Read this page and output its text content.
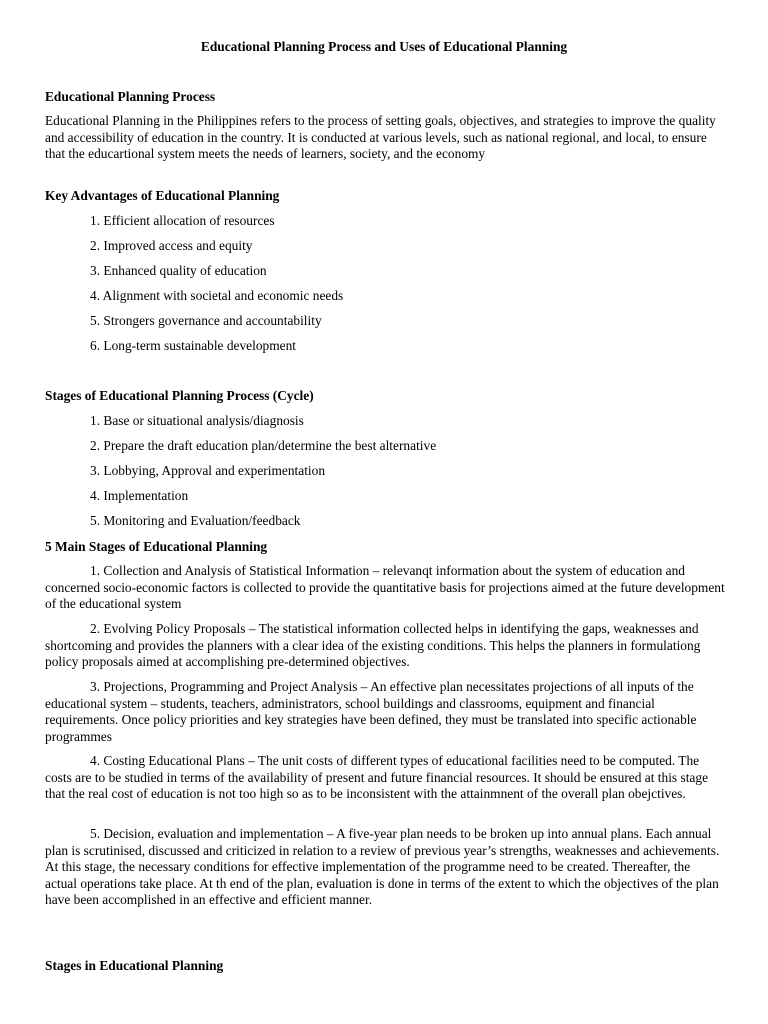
Educational Planning Process and Uses of Educational Planning

Educational Planning Process

Educational Planning in the Philippines refers to the process of setting goals, objectives, and strategies to improve the quality and accessibility of education in the country. It is conducted at various levels, such as national regional, and local, to ensure that the educartional system meets the needs of learners, society, and the economy

Key Advantages of Educational Planning

1. Efficient allocation of resources

2. Improved access and equity

3. Enhanced quality of education

4. Alignment with societal and economic needs

5. Strongers governance and accountability

6. Long-term sustainable development

Stages of Educational Planning Process (Cycle)

1. Base or situational analysis/diagnosis

2. Prepare the draft education plan/determine the best alternative

3. Lobbying, Approval and experimentation

4. Implementation

5. Monitoring and Evaluation/feedback

5 Main Stages of Educational Planning

1. Collection and Analysis of Statistical Information – relevanqt information about the system of education and concerned socio-economic factors is collected to provide the quantitative basis for projections aimed at the future development of the educational system

2. Evolving Policy Proposals – The statistical information collected helps in identifying the gaps, weaknesses and shortcoming and provides the planners with a clear idea of the existing conditions. This helps the planners in formulationg policy proposals aimed at accomplishing pre-determined objectives.

3. Projections, Programming and Project Analysis – An effective plan necessitates projections of all inputs of the educational system – students, teachers, administrators, school buildings and classrooms, equipment and financial requirements. Once policy priorities and key strategies have been defined, they must be translated into specific actionable programmes

4. Costing Educational Plans – The unit costs of different types of educational facilities need to be computed. The costs are to be studied in terms of the availability of present and future financial resources. It should be ensured at this stage that the real cost of education is not too high so as to be inconsistent with the attainmnent of the overall plan obejctives.

5. Decision, evaluation and implementation – A five-year plan needs to be broken up into annual plans. Each annual plan is scrutinised, discussed and criticized in relation to a review of previous year’s strengths, weaknesses and achievements. At this stage, the necessary conditions for effective implementation of the programme need to be created. Thereafter, the actual operations take place. At th end of the plan, evaluation is done in terms of the extent to which the objectives of the plan have been accomplished in an effective and efficient manner.

Stages in Educational Planning
